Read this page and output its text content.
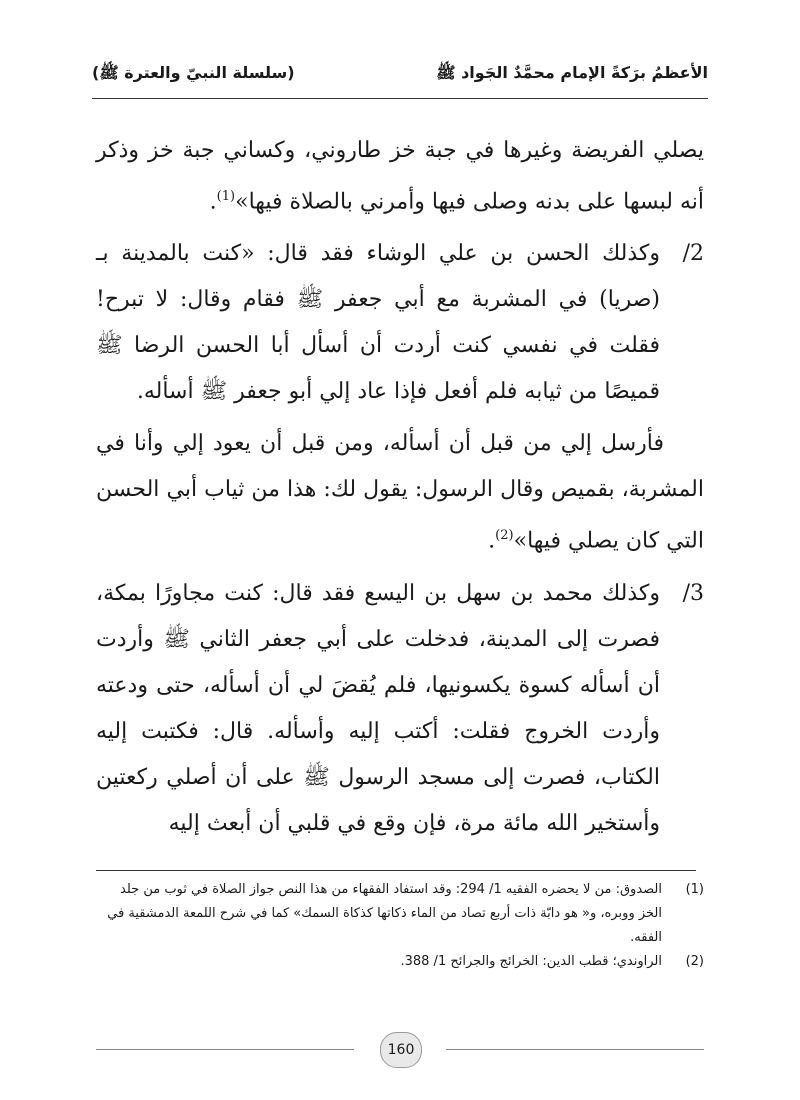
الأعظمُ برَكةً الإمام محمَّدٌ الجَواد ﷺ
(سلسلة النبيّ والعترة ﷺ)

يصلي الفريضة وغيرها في جبة خز طاروني، وكساني جبة خز وذكر أنه لبسها على بدنه وصلى فيها وأمرني بالصلاة فيها»$^{(1)}$.

2/
وكذلك الحسن بن علي الوشاء فقد قال: «كنت بالمدينة بـ (صريا) في المشربة مع أبي جعفر ﷺ فقام وقال: لا تبرح! فقلت في نفسي كنت أردت أن أسأل أبا الحسن الرضا ﷺ قميصًا من ثيابه فلم أفعل فإذا عاد إلي أبو جعفر ﷺ أسأله.

فأرسل إلي من قبل أن أسأله، ومن قبل أن يعود إلي وأنا في المشربة، بقميص وقال الرسول: يقول لك: هذا من ثياب أبي الحسن التي كان يصلي فيها»$^{(2)}$.

3/
وكذلك محمد بن سهل بن اليسع فقد قال: كنت مجاورًا بمكة، فصرت إلى المدينة، فدخلت على أبي جعفر الثاني ﷺ وأردت أن أسأله كسوة يكسونيها، فلم يُقضَ لي أن أسأله، حتى ودعته وأردت الخروج فقلت: أكتب إليه وأسأله. قال: فكتبت إليه الكتاب، فصرت إلى مسجد الرسول ﷺ على أن أصلي ركعتين وأستخير الله مائة مرة، فإن وقع في قلبي أن أبعث إليه

(1)
الصدوق: من لا يحضره الفقيه 1/ 294: وقد استفاد الفقهاء من هذا النص جواز الصلاة في ثوب من جلد الخز ووبره، و« هو دابّة ذات أربع تصاد من الماء ذكاتها كذكاة السمك» كما في شرح اللمعة الدمشقية في الفقه.

(2)
الراوندي؛ قطب الدين: الخرائج والجرائح 1/ 388.

160
